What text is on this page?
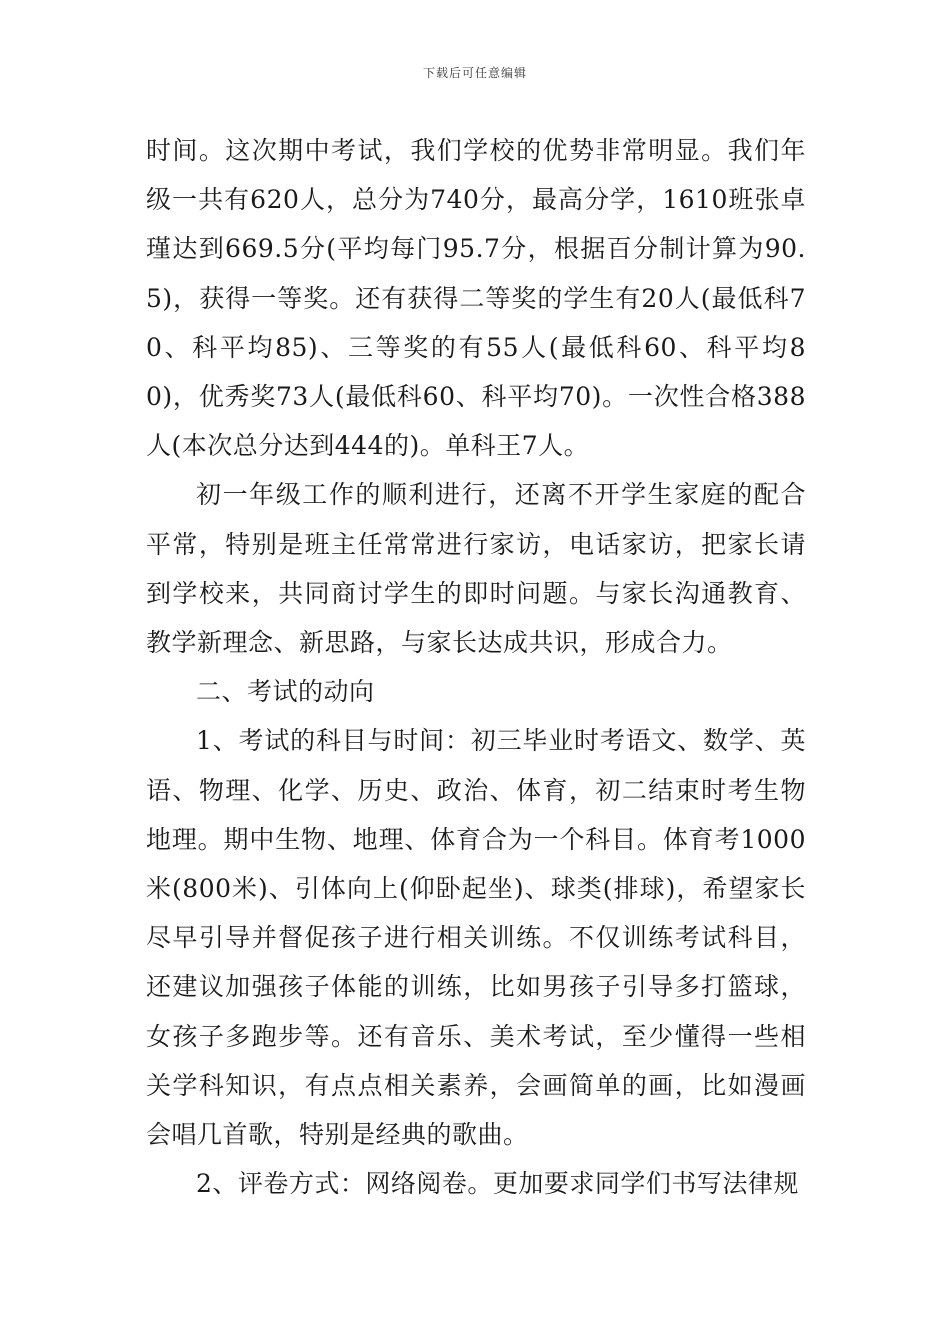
下载后可任意编辑

时间。这次期中考试，我们学校的优势非常明显。我们年级一共有620人，总分为740分，最高分学，1610班张卓瑾达到669.5分(平均每门95.7分，根据百分制计算为90.5)，获得一等奖。还有获得二等奖的学生有20人(最低科70、科平均85)、三等奖的有55人(最低科60、科平均80)，优秀奖73人(最低科60、科平均70)。一次性合格388人(本次总分达到444的)。单科王7人。

初一年级工作的顺利进行，还离不开学生家庭的配合平常，特别是班主任常常进行家访，电话家访，把家长请到学校来，共同商讨学生的即时问题。与家长沟通教育、教学新理念、新思路，与家长达成共识，形成合力。

二、考试的动向

1、考试的科目与时间：初三毕业时考语文、数学、英语、物理、化学、历史、政治、体育，初二结束时考生物地理。期中生物、地理、体育合为一个科目。体育考1000米(800米)、引体向上(仰卧起坐)、球类(排球)，希望家长尽早引导并督促孩子进行相关训练。不仅训练考试科目，还建议加强孩子体能的训练，比如男孩子引导多打篮球，女孩子多跑步等。还有音乐、美术考试，至少懂得一些相关学科知识，有点点相关素养，会画简单的画，比如漫画会唱几首歌，特别是经典的歌曲。

2、评卷方式：网络阅卷。更加要求同学们书写法律规
